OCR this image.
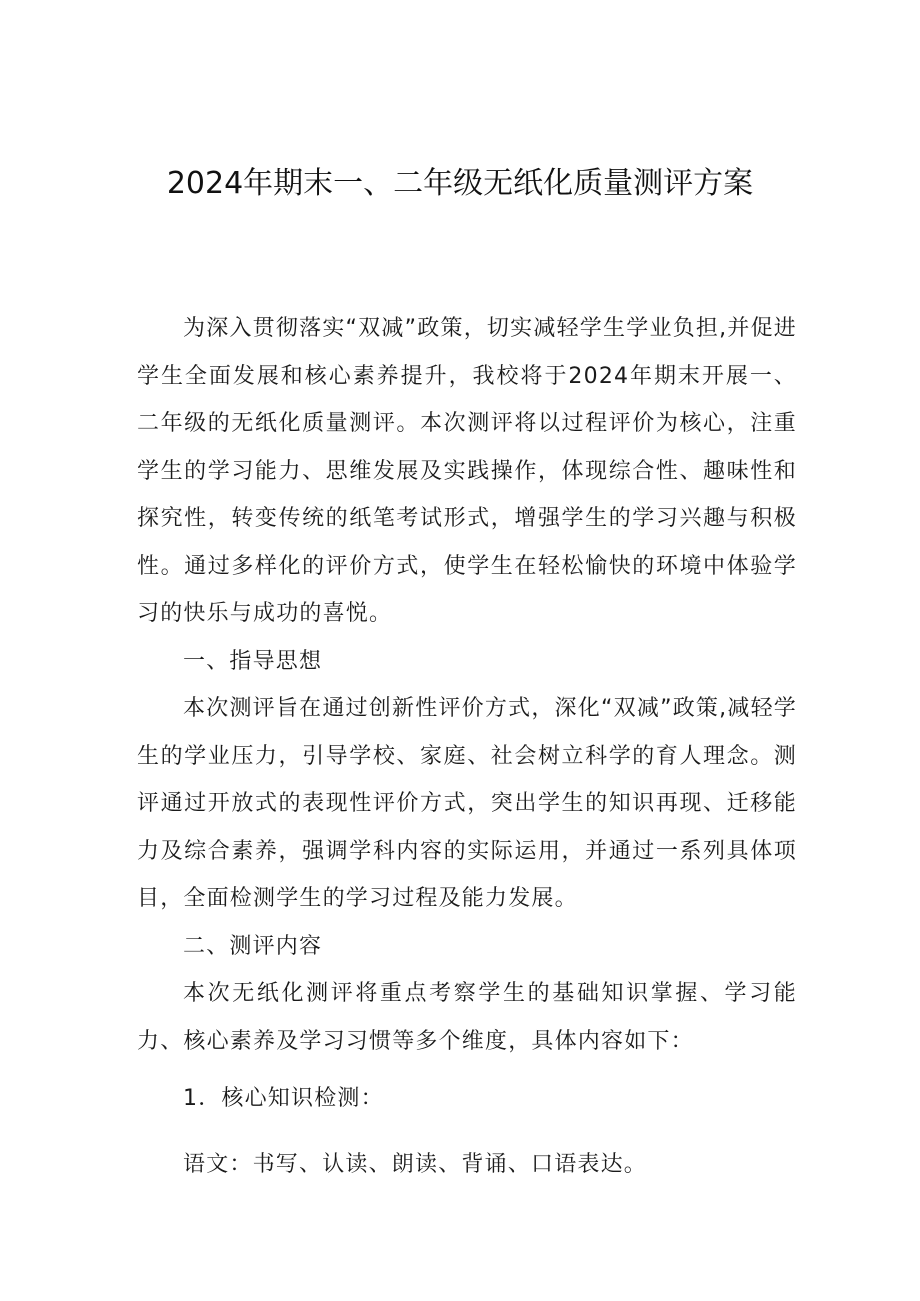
2024年期末一、二年级无纸化质量测评方案

为深入贯彻落实“双减”政策，切实减轻学生学业负担,并促进学生全面发展和核心素养提升，我校将于2024年期末开展一、二年级的无纸化质量测评。本次测评将以过程评价为核心，注重学生的学习能力、思维发展及实践操作，体现综合性、趣味性和探究性，转变传统的纸笔考试形式，增强学生的学习兴趣与积极性。通过多样化的评价方式，使学生在轻松愉快的环境中体验学习的快乐与成功的喜悦。

一、指导思想

本次测评旨在通过创新性评价方式，深化“双减”政策,减轻学生的学业压力，引导学校、家庭、社会树立科学的育人理念。测评通过开放式的表现性评价方式，突出学生的知识再现、迁移能力及综合素养，强调学科内容的实际运用，并通过一系列具体项目，全面检测学生的学习过程及能力发展。

二、测评内容

本次无纸化测评将重点考察学生的基础知识掌握、学习能力、核心素养及学习习惯等多个维度，具体内容如下：

1．核心知识检测：

语文：书写、认读、朗读、背诵、口语表达。
